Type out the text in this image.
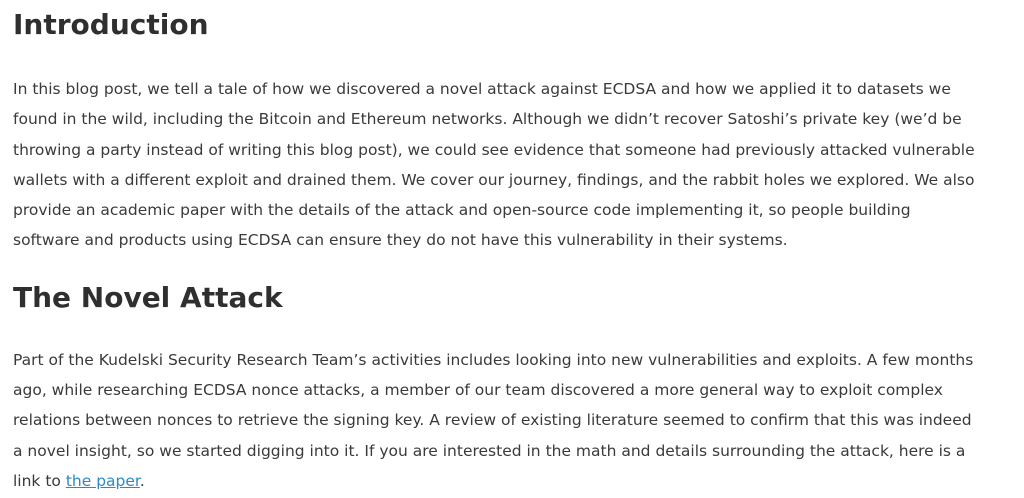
Introduction

In this blog post, we tell a tale of how we discovered a novel attack against ECDSA and how we applied it to datasets we
found in the wild, including the Bitcoin and Ethereum networks. Although we didn’t recover Satoshi’s private key (we’d be
throwing a party instead of writing this blog post), we could see evidence that someone had previously attacked vulnerable
wallets with a different exploit and drained them. We cover our journey, findings, and the rabbit holes we explored. We also
provide an academic paper with the details of the attack and open-source code implementing it, so people building
software and products using ECDSA can ensure they do not have this vulnerability in their systems.

The Novel Attack

Part of the Kudelski Security Research Team’s activities includes looking into new vulnerabilities and exploits. A few months
ago, while researching ECDSA nonce attacks, a member of our team discovered a more general way to exploit complex
relations between nonces to retrieve the signing key. A review of existing literature seemed to confirm that this was indeed
a novel insight, so we started digging into it. If you are interested in the math and details surrounding the attack, here is a
link to the paper.
